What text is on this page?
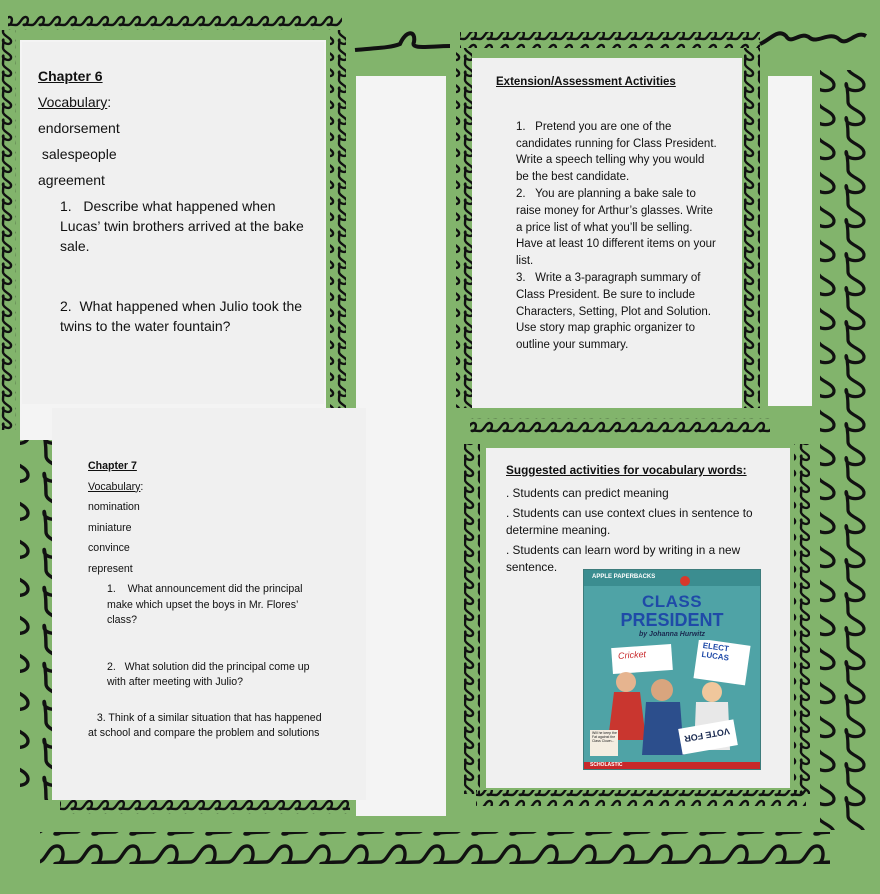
Chapter 6

Vocabulary:

endorsement

salespeople

agreement

1.   Describe what happened when Lucas’ twin brothers arrived at the bake sale.

2.  What happened when Julio took the twins to the water fountain?

Extension/Assessment Activities

1.   Pretend you are one of the candidates running for Class President. Write a speech telling why you would be the best candidate.

2.   You are planning a bake sale to raise money for Arthur’s glasses. Write a price list of what you’ll be selling. Have at least 10 different items on your list.

3.   Write a 3-paragraph summary of Class President. Be sure to include Characters, Setting, Plot and Solution. Use story map graphic organizer to outline your summary.

Chapter 7

Vocabulary:

nomination

miniature

convince

represent

1.    What announcement did the principal make which upset the boys in Mr. Flores’ class?

2.   What solution did the principal come up with after meeting with Julio?

3. Think of a similar situation that has happened at school and compare the problem and solutions

Suggested activities for vocabulary words:

. Students can predict meaning

. Students can use context clues in sentence to determine meaning.

. Students can learn word by writing in a new sentence.

APPLE PAPERBACKS
CLASS
PRESIDENT
by Johanna Hurwitz
Cricket
ELECT LUCAS
VOTE FOR
Will he keep the Fat against the Class Clown...
SCHOLASTIC
